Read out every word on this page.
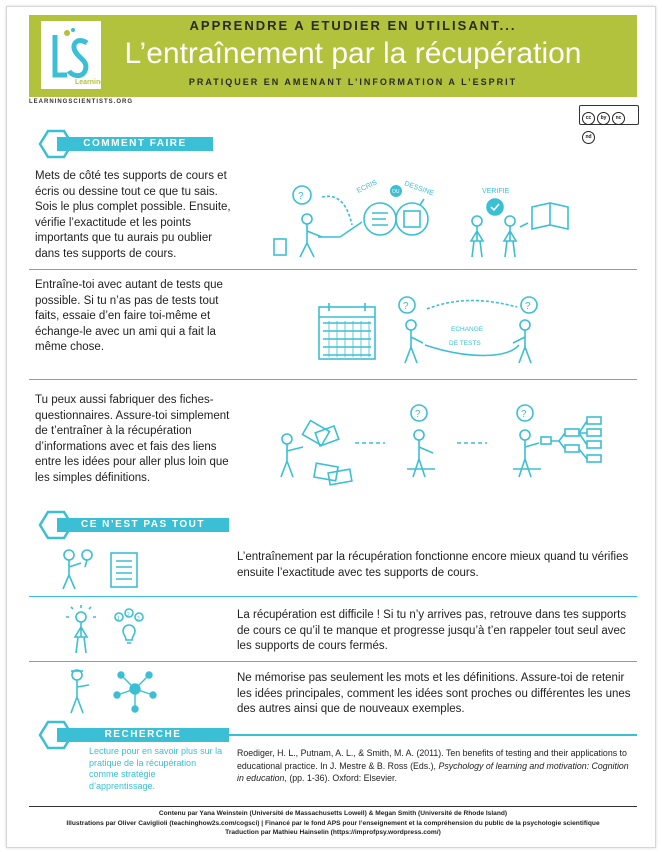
Learning
APPRENDRE A ETUDIER EN UTILISANT...
L’entraînement par la récupération
PRATIQUER EN AMENANT L’INFORMATION A L’ESPRIT
LEARNINGSCIENTISTS.ORG
cc by ncnd
COMMENT FAIRE
Mets de côté tes supports de cours et écris ou dessine tout ce que tu sais. Sois le plus complet possible. Ensuite, vérifie l’exactitude et les points importants que tu aurais pu oublier dans tes supports de cours.
Entraîne-toi avec autant de tests que possible. Si tu n’as pas de tests tout faits, essaie d’en faire toi-même et échange-le avec un ami qui a fait la même chose.
Tu peux aussi fabriquer des fiches-questionnaires. Assure-toi simplement de t’entraîner à la récupération d’informations avec et fais des liens entre les idées pour aller plus loin que les simples définitions.
?
ECRIS	OU DESSINE	VERIFIE
?	?
ECHANGE
DE TESTS
?	?
CE N’EST PAS TOUT
L’entraînement par la récupération fonctionne encore mieux quand tu vérifies ensuite l’exactitude avec tes supports de cours.
1
2
3	La récupération est difficile ! Si tu n’y arrives pas, retrouve dans tes supports de cours ce qu’il te manque et progresse jusqu’à t’en rappeler tout seul avec les supports de cours fermés.
Ne mémorise pas seulement les mots et les définitions. Assure-toi de retenir les idées principales, comment les idées sont proches ou différentes les unes des autres ainsi que de nouveaux exemples.
RECHERCHE
Lecture pour en savoir plus sur la pratique de la récupération comme stratégie d’apprentissage.
Roediger, H. L., Putnam, A. L., & Smith, M. A. (2011). Ten benefits of testing and their applications to educational practice. In J. Mestre & B. Ross (Eds.), Psychology of learning and motivation: Cognition in education, (pp. 1-36). Oxford: Elsevier.
Contenu par Yana Weinstein (Université de Massachusetts Lowell) & Megan Smith (Université de Rhode Island)
Illustrations par Oliver Caviglioli (teachinghow2s.com/cogsci) | Financé par le fond APS pour l’enseignement et la compréhension du public de la psychologie scientifique
Traduction par Mathieu Hainselin (https://improfpsy.wordpress.com/)
